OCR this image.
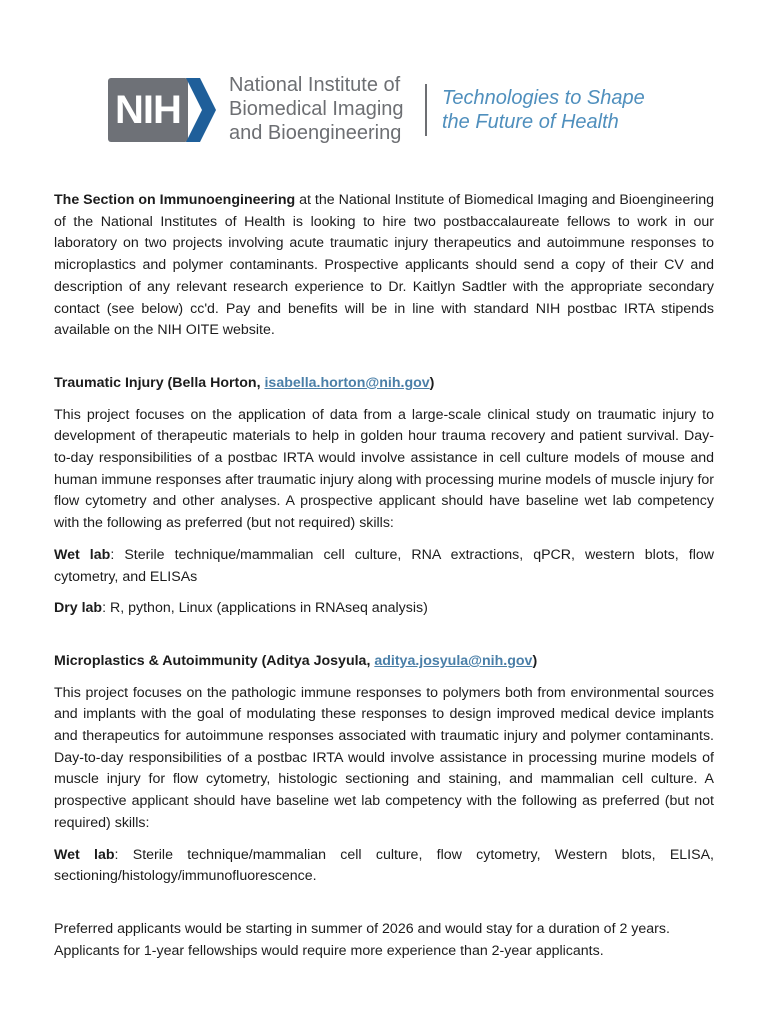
NIH
National Institute of
Biomedical Imaging
and Bioengineering
Technologies to Shape
the Future of Health

The Section on Immunoengineering at the National Institute of Biomedical Imaging and Bioengineering of the National Institutes of Health is looking to hire two postbaccalaureate fellows to work in our laboratory on two projects involving acute traumatic injury therapeutics and autoimmune responses to microplastics and polymer contaminants. Prospective applicants should send a copy of their CV and description of any relevant research experience to Dr. Kaitlyn Sadtler with the appropriate secondary contact (see below) cc'd. Pay and benefits will be in line with standard NIH postbac IRTA stipends available on the NIH OITE website.

Traumatic Injury (Bella Horton, isabella.horton@nih.gov)

This project focuses on the application of data from a large-scale clinical study on traumatic injury to development of therapeutic materials to help in golden hour trauma recovery and patient survival. Day-to-day responsibilities of a postbac IRTA would involve assistance in cell culture models of mouse and human immune responses after traumatic injury along with processing murine models of muscle injury for flow cytometry and other analyses. A prospective applicant should have baseline wet lab competency with the following as preferred (but not required) skills:

Wet lab: Sterile technique/mammalian cell culture, RNA extractions, qPCR, western blots, flow cytometry, and ELISAs

Dry lab: R, python, Linux (applications in RNAseq analysis)

Microplastics & Autoimmunity (Aditya Josyula, aditya.josyula@nih.gov)

This project focuses on the pathologic immune responses to polymers both from environmental sources and implants with the goal of modulating these responses to design improved medical device implants and therapeutics for autoimmune responses associated with traumatic injury and polymer contaminants. Day-to-day responsibilities of a postbac IRTA would involve assistance in processing murine models of muscle injury for flow cytometry, histologic sectioning and staining, and mammalian cell culture. A prospective applicant should have baseline wet lab competency with the following as preferred (but not required) skills:

Wet lab: Sterile technique/mammalian cell culture, flow cytometry, Western blots, ELISA, sectioning/histology/immunofluorescence.

Preferred applicants would be starting in summer of 2026 and would stay for a duration of 2 years. Applicants for 1-year fellowships would require more experience than 2-year applicants.
